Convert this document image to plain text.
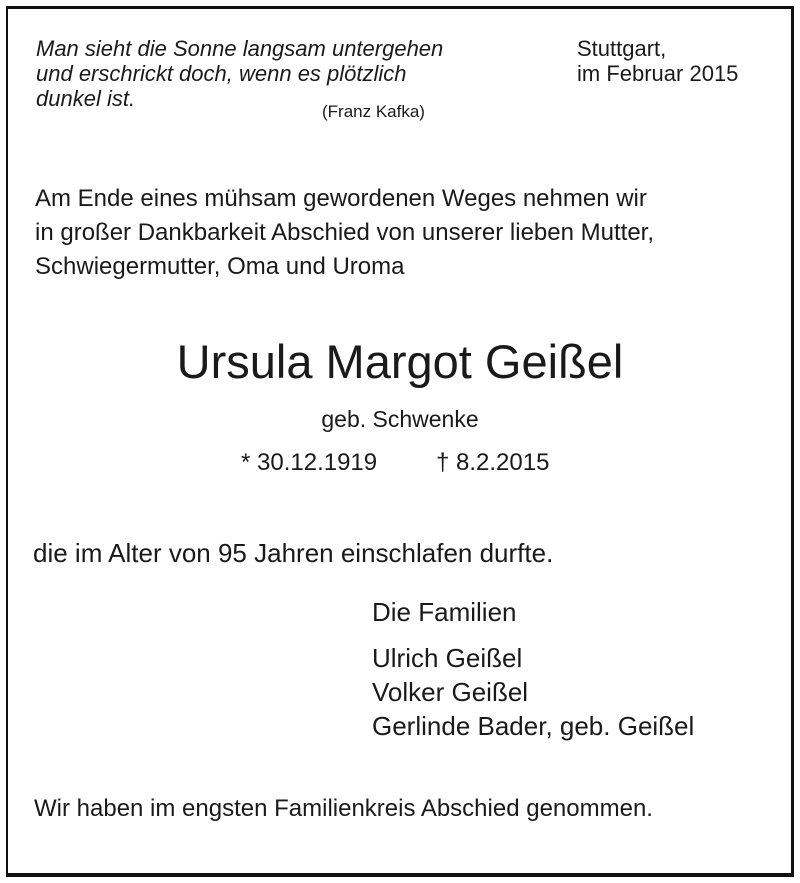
Man sieht die Sonne langsam untergehen
und erschrickt doch, wenn es plötzlich
dunkel ist.
(Franz Kafka)
Stuttgart,
im Februar 2015
Am Ende eines mühsam gewordenen Weges nehmen wir
in großer Dankbarkeit Abschied von unserer lieben Mutter,
Schwiegermutter, Oma und Uroma
Ursula Margot Geißel
geb. Schwenke
* 30.12.1919 † 8.2.2015
die im Alter von 95 Jahren einschlafen durfte.
Die Familien
Ulrich Geißel
Volker Geißel
Gerlinde Bader, geb. Geißel
Wir haben im engsten Familienkreis Abschied genommen.
